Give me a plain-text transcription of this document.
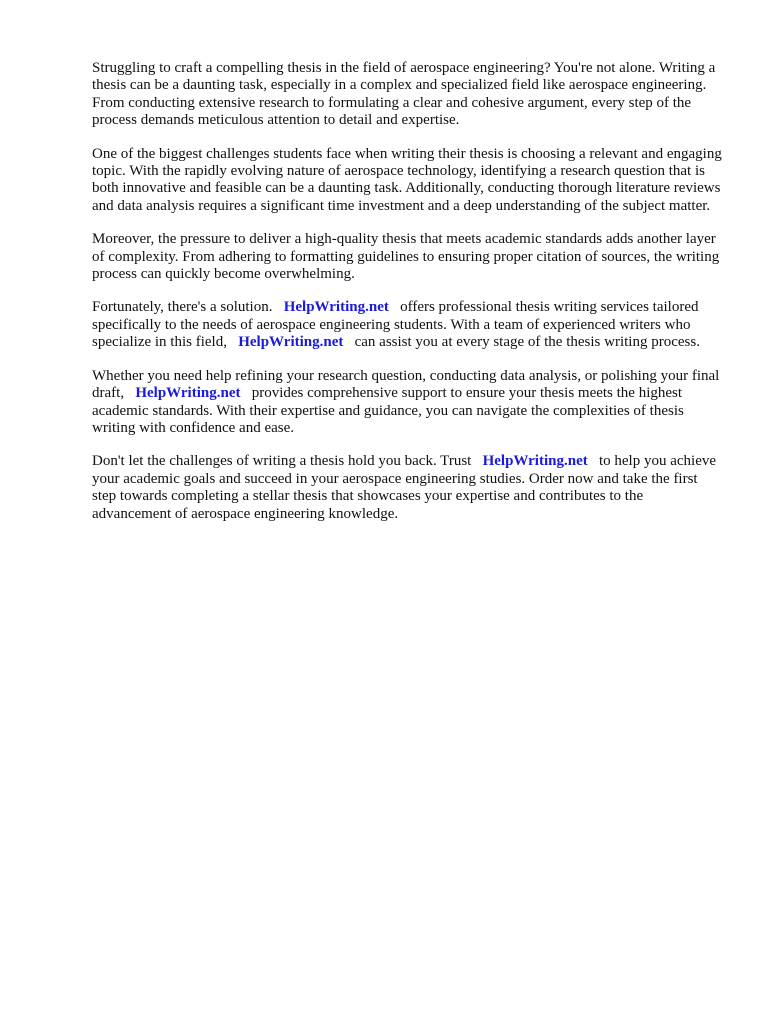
Struggling to craft a compelling thesis in the field of aerospace engineering? You're not alone. Writing a thesis can be a daunting task, especially in a complex and specialized field like aerospace engineering. From conducting extensive research to formulating a clear and cohesive argument, every step of the process demands meticulous attention to detail and expertise.

One of the biggest challenges students face when writing their thesis is choosing a relevant and engaging topic. With the rapidly evolving nature of aerospace technology, identifying a research question that is both innovative and feasible can be a daunting task. Additionally, conducting thorough literature reviews and data analysis requires a significant time investment and a deep understanding of the subject matter.

Moreover, the pressure to deliver a high-quality thesis that meets academic standards adds another layer of complexity. From adhering to formatting guidelines to ensuring proper citation of sources, the writing process can quickly become overwhelming.

Fortunately, there's a solution. HelpWriting.net offers professional thesis writing services tailored specifically to the needs of aerospace engineering students. With a team of experienced writers who specialize in this field, HelpWriting.net can assist you at every stage of the thesis writing process.

Whether you need help refining your research question, conducting data analysis, or polishing your final draft, HelpWriting.net provides comprehensive support to ensure your thesis meets the highest academic standards. With their expertise and guidance, you can navigate the complexities of thesis writing with confidence and ease.

Don't let the challenges of writing a thesis hold you back. Trust HelpWriting.net to help you achieve your academic goals and succeed in your aerospace engineering studies. Order now and take the first step towards completing a stellar thesis that showcases your expertise and contributes to the advancement of aerospace engineering knowledge.
